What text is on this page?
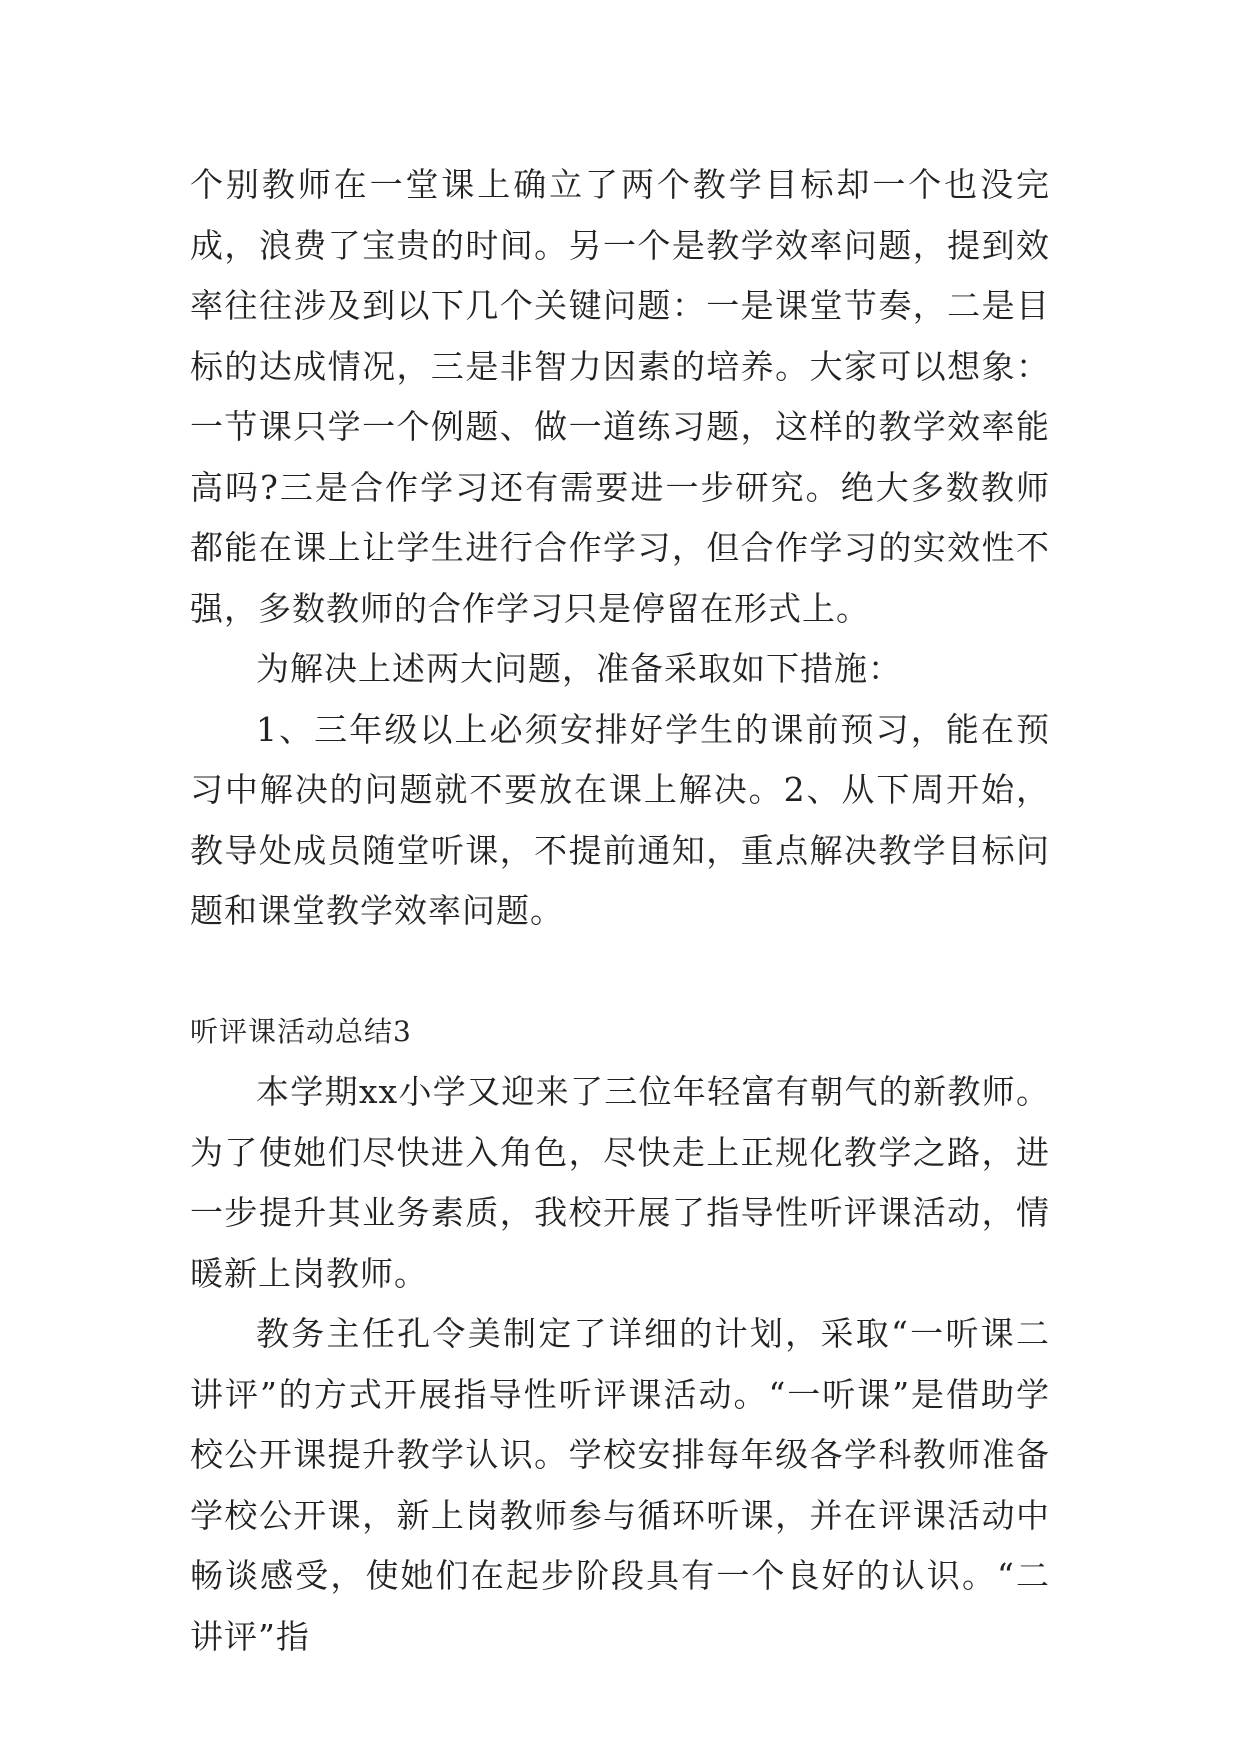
个别教师在一堂课上确立了两个教学目标却一个也没完成，浪费了宝贵的时间。另一个是教学效率问题，提到效率往往涉及到以下几个关键问题：一是课堂节奏，二是目标的达成情况，三是非智力因素的培养。大家可以想象：一节课只学一个例题、做一道练习题，这样的教学效率能高吗?三是合作学习还有需要进一步研究。绝大多数教师都能在课上让学生进行合作学习，但合作学习的实效性不强，多数教师的合作学习只是停留在形式上。

为解决上述两大问题，准备采取如下措施：

1、三年级以上必须安排好学生的课前预习，能在预习中解决的问题就不要放在课上解决。2、从下周开始，教导处成员随堂听课，不提前通知，重点解决教学目标问题和课堂教学效率问题。

听评课活动总结3

本学期xx小学又迎来了三位年轻富有朝气的新教师。为了使她们尽快进入角色，尽快走上正规化教学之路，进一步提升其业务素质，我校开展了指导性听评课活动，情暖新上岗教师。

教务主任孔令美制定了详细的计划，采取“一听课二讲评”的方式开展指导性听评课活动。“一听课”是借助学校公开课提升教学认识。学校安排每年级各学科教师准备学校公开课，新上岗教师参与循环听课，并在评课活动中畅谈感受，使她们在起步阶段具有一个良好的认识。“二讲评”指
